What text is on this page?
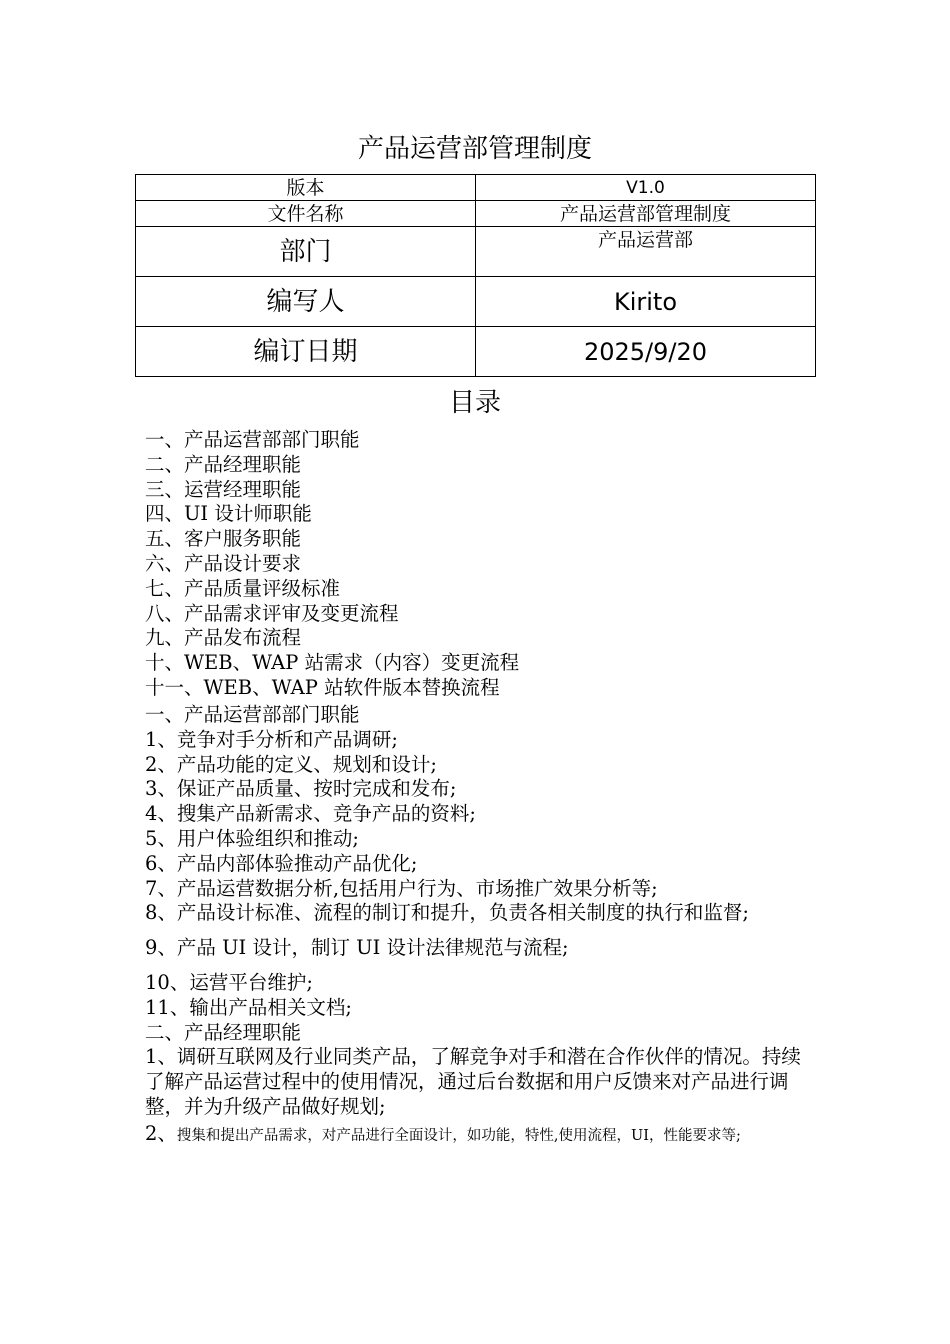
产品运营部管理制度
版本	V1.0
文件名称	产品运营部管理制度
部门	产品运营部
编写人	Kirito
编订日期	2025/9/20
目录
一、产品运营部部门职能
二、产品经理职能
三、运营经理职能
四、UI 设计师职能
五、客户服务职能
六、产品设计要求
七、产品质量评级标准
八、产品需求评审及变更流程
九、产品发布流程
十、WEB、WAP 站需求（内容）变更流程
十一、WEB、WAP 站软件版本替换流程

一、产品运营部部门职能

1、竞争对手分析和产品调研;

2、产品功能的定义、规划和设计;

3、保证产品质量、按时完成和发布;

4、搜集产品新需求、竞争产品的资料;

5、用户体验组织和推动;

6、产品内部体验推动产品优化;

7、产品运营数据分析,包括用户行为、市场推广效果分析等;

8、产品设计标准、流程的制订和提升，负责各相关制度的执行和监督;

9、产品 UI 设计，制订 UI 设计法律规范与流程;

10、运营平台维护;

11、输出产品相关文档;

二、产品经理职能

1、调研互联网及行业同类产品，了解竞争对手和潜在合作伙伴的情况。持续了解产品运营过程中的使用情况，通过后台数据和用户反馈来对产品进行调整，并为升级产品做好规划;

2、搜集和提出产品需求，对产品进行全面设计，如功能，特性,使用流程，UI，性能要求等;
